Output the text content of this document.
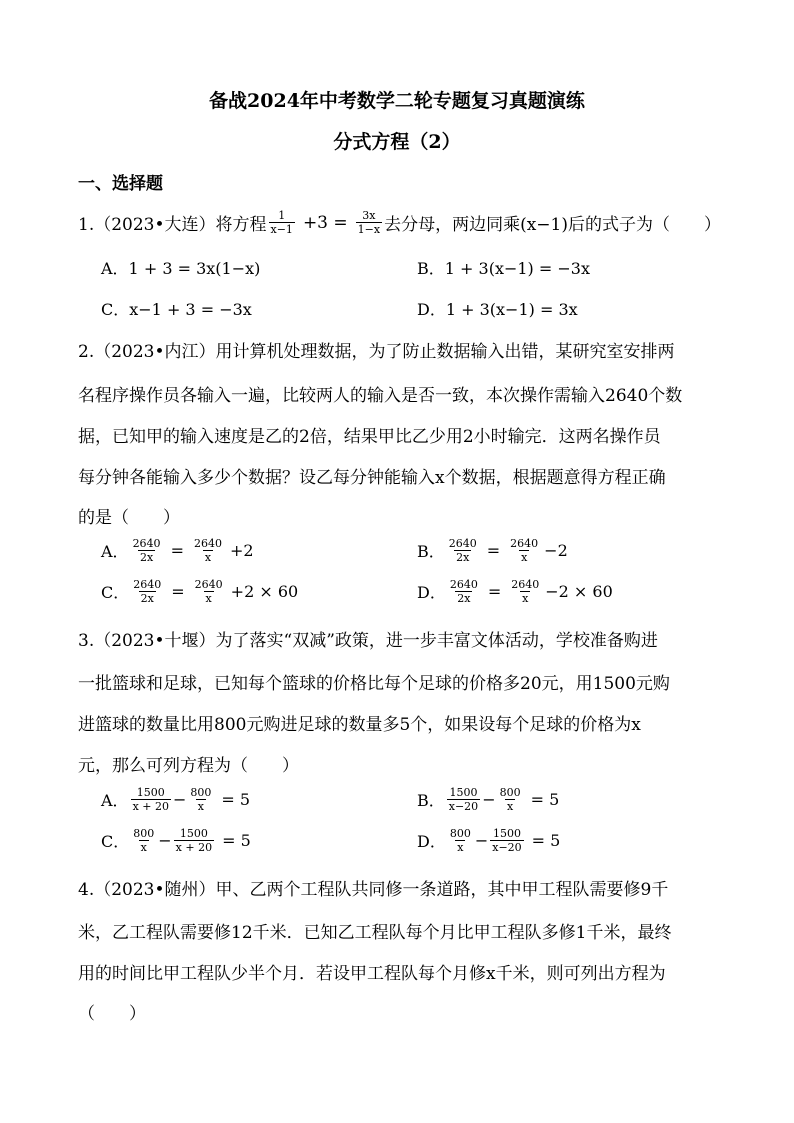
备战2024年中考数学二轮专题复习真题演练
分式方程（2）
一、选择题
1.（2023•大连）将方程 $\frac{1}{x-1} +3 = \frac{3x}{1-x}$ 去分母，两边同乘(x−1)后的式子为（　　）
A．1 + 3 = 3x(1−x)	B．1 + 3(x−1) = −3x
C．x−1 + 3 = −3x	D．1 + 3(x−1) = 3x
2.（2023•内江）用计算机处理数据，为了防止数据输入出错，某研究室安排两
名程序操作员各输入一遍，比较两人的输入是否一致，本次操作需输入2640个数
据，已知甲的输入速度是乙的2倍，结果甲比乙少用2小时输完．这两名操作员
每分钟各能输入多少个数据？设乙每分钟能输入x个数据，根据题意得方程正确
的是（　　）
A． $\frac{2640}{2x} = \frac{2640}{x} +2$	B． $\frac{2640}{2x} = \frac{2640}{x} -2$
C． $\frac{2640}{2x} = \frac{2640}{x} +2 \times 60$	D． $\frac{2640}{2x} = \frac{2640}{x} -2 \times 60$
3.（2023•十堰）为了落实“双减”政策，进一步丰富文体活动，学校准备购进
一批篮球和足球，已知每个篮球的价格比每个足球的价格多20元，用1500元购
进篮球的数量比用800元购进足球的数量多5个，如果设每个足球的价格为x
元，那么可列方程为（　　）
A． $\frac{1500}{x + 20} - \frac{800}{x} = 5$	B． $\frac{1500}{x-20} - \frac{800}{x} = 5$
C． $\frac{800}{x} - \frac{1500}{x + 20} = 5$	D． $\frac{800}{x} - \frac{1500}{x-20} = 5$
4.（2023•随州）甲、乙两个工程队共同修一条道路，其中甲工程队需要修9千
米，乙工程队需要修12千米．已知乙工程队每个月比甲工程队多修1千米，最终
用的时间比甲工程队少半个月．若设甲工程队每个月修x千米，则可列出方程为
（　　）
